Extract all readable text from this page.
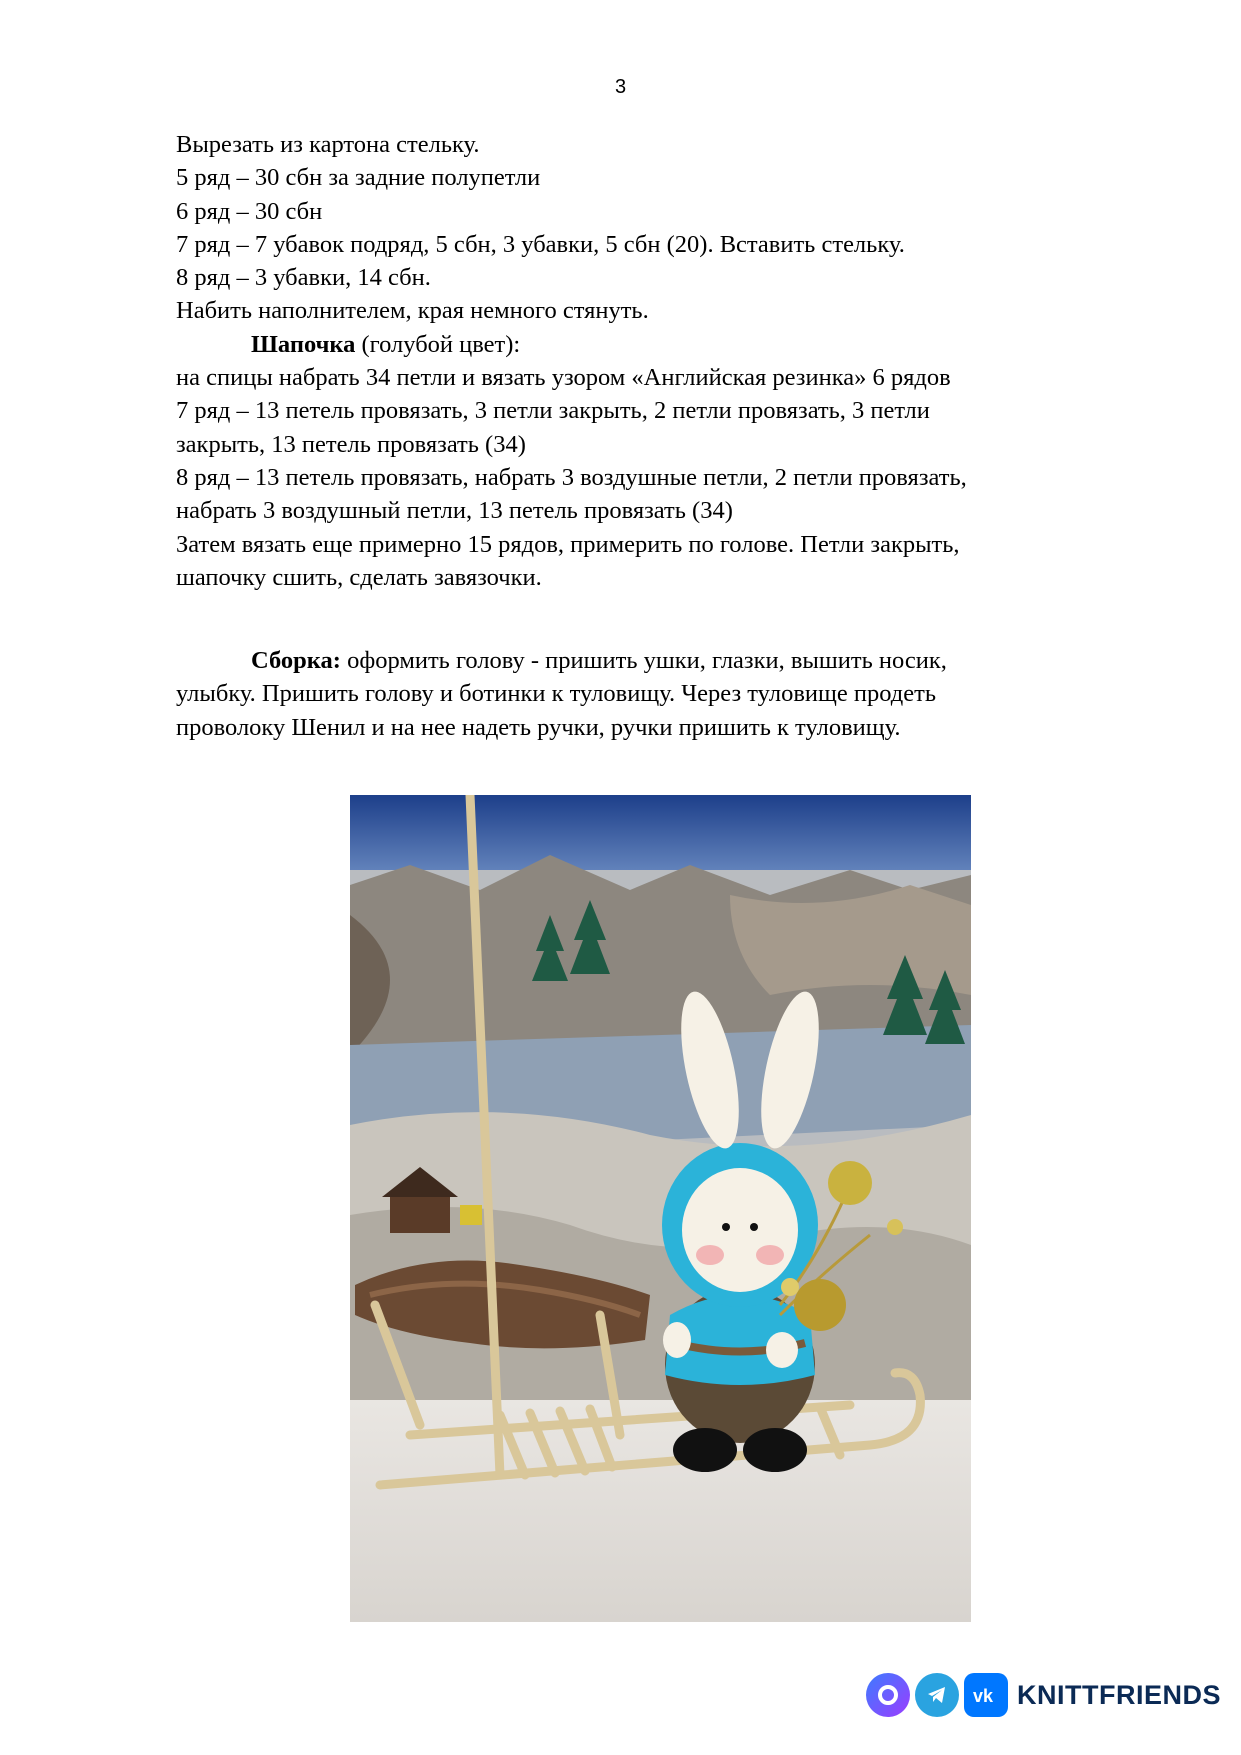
3
Вырезать из картона стельку.
5 ряд – 30 сбн за задние полупетли
6 ряд – 30 сбн
7 ряд – 7 убавок подряд, 5 сбн, 3 убавки, 5 сбн (20). Вставить стельку.
8 ряд – 3 убавки, 14 сбн.
Набить наполнителем, края немного стянуть.
Шапочка (голубой цвет):
на спицы набрать 34 петли и вязать узором «Английская резинка» 6 рядов
7 ряд – 13 петель провязать, 3 петли закрыть, 2 петли провязать, 3 петли
закрыть, 13 петель провязать (34)
8 ряд – 13 петель провязать, набрать 3 воздушные петли, 2 петли провязать,
набрать 3 воздушный петли, 13 петель провязать (34)
Затем вязать еще примерно 15 рядов, примерить по голове. Петли закрыть,
шапочку сшить, сделать завязочки.
Сборка: оформить голову - пришить ушки, глазки, вышить носик,
улыбку. Пришить голову и ботинки к туловищу. Через туловище продеть
проволоку Шенил и на нее надеть ручки, ручки пришить к туловищу.
vk KNITTFRIENDS
